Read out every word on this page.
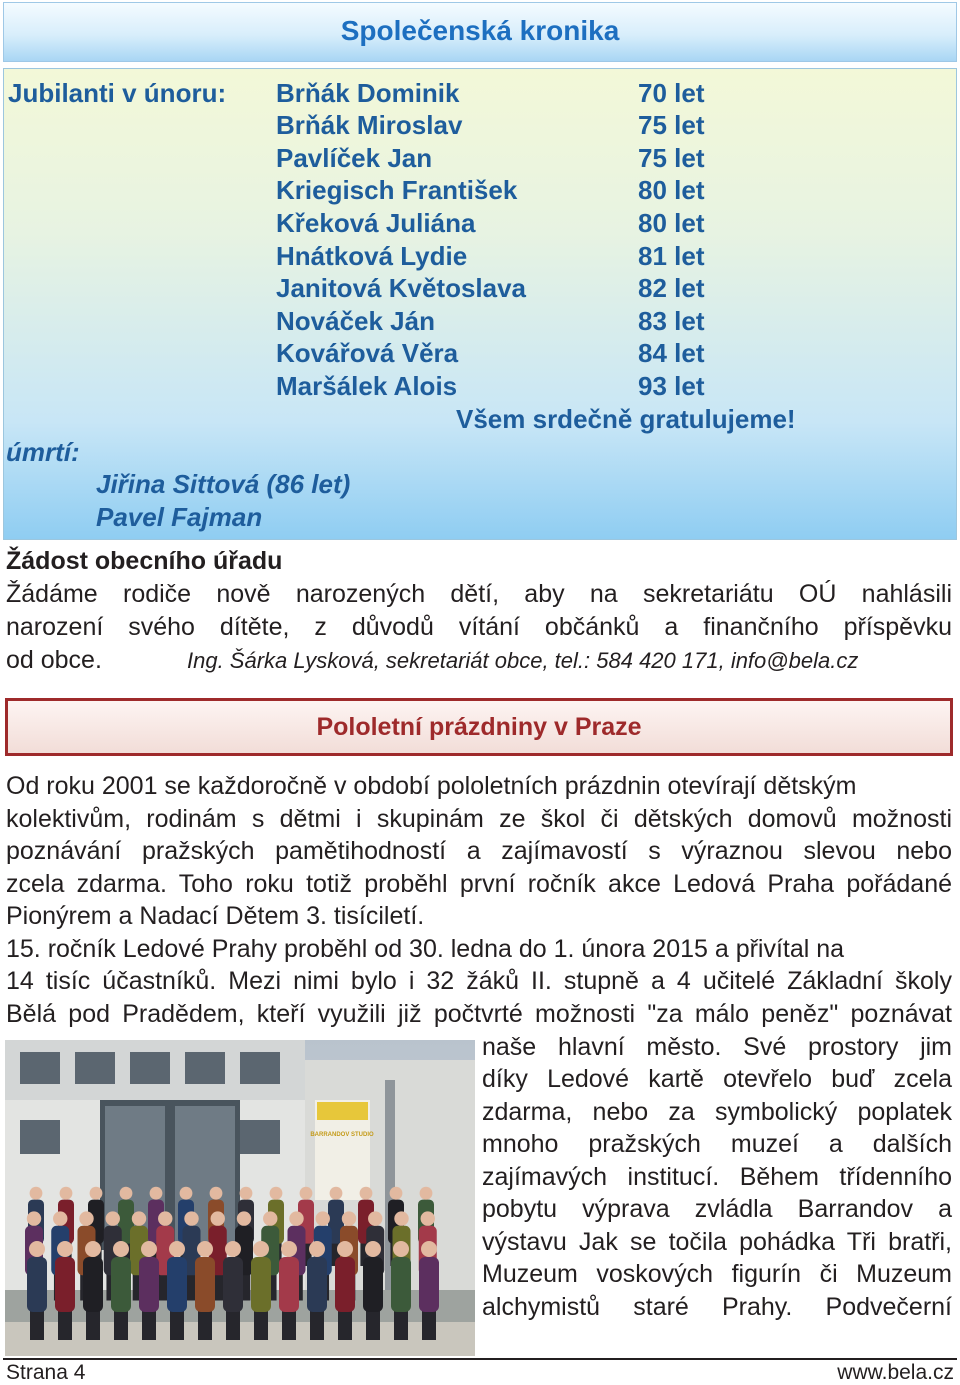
Společenská kronika
Jubilanti v únoru: Brňák Dominik	70 let
Brňák Miroslav	75 let
Pavlíček Jan	75 let
Kriegisch František	80 let
Křeková Juliána	80 let
Hnátková Lydie	81 let
Janitová Květoslava	82 let
Nováček Ján	83 let
Kovářová Věra	84 let
Maršálek Alois	93 let
Všem srdečně gratulujeme!
úmrtí:
Jiřina Sittová (86 let)
Pavel Fajman
Žádost obecního úřadu
Žádáme rodiče nově narozených dětí, aby na sekretariátu OÚ nahlásili
narození svého dítěte, z důvodů vítání občánků a finančního příspěvku
od obce.	Ing. Šárka Lysková, sekretariát obce, tel.: 584 420 171, info@bela.cz
Pololetní prázdniny v Praze
Od roku 2001 se každoročně v období pololetních prázdnin otevírají dětským
kolektivům, rodinám s dětmi i skupinám ze škol či dětských domovů možnosti
poznávání pražských pamětihodností a zajímavostí s výraznou slevou nebo
zcela zdarma. Toho roku totiž proběhl první ročník akce Ledová Praha pořádané
Pionýrem a Nadací Dětem 3. tisíciletí.
15. ročník Ledové Prahy proběhl od 30. ledna do 1. února 2015 a přivítal na
14 tisíc účastníků. Mezi nimi bylo i 32 žáků II. stupně a 4 učitelé Základní školy
Bělá pod Pradědem, kteří využili již počtvrté možnosti "za málo peněz" poznávat
naše hlavní město. Své prostory jim
díky Ledové kartě otevřelo buď zcela
zdarma, nebo za symbolický poplatek
mnoho pražských muzeí a dalších
zajímavých institucí. Během třídenního
pobytu výprava zvládla Barrandov a
výstavu Jak se točila pohádka Tři bratři,
Muzeum voskových figurín či Muzeum
alchymistů staré Prahy. Podvečerní
BARRANDOV STUDIO
Strana 4	www.bela.cz
